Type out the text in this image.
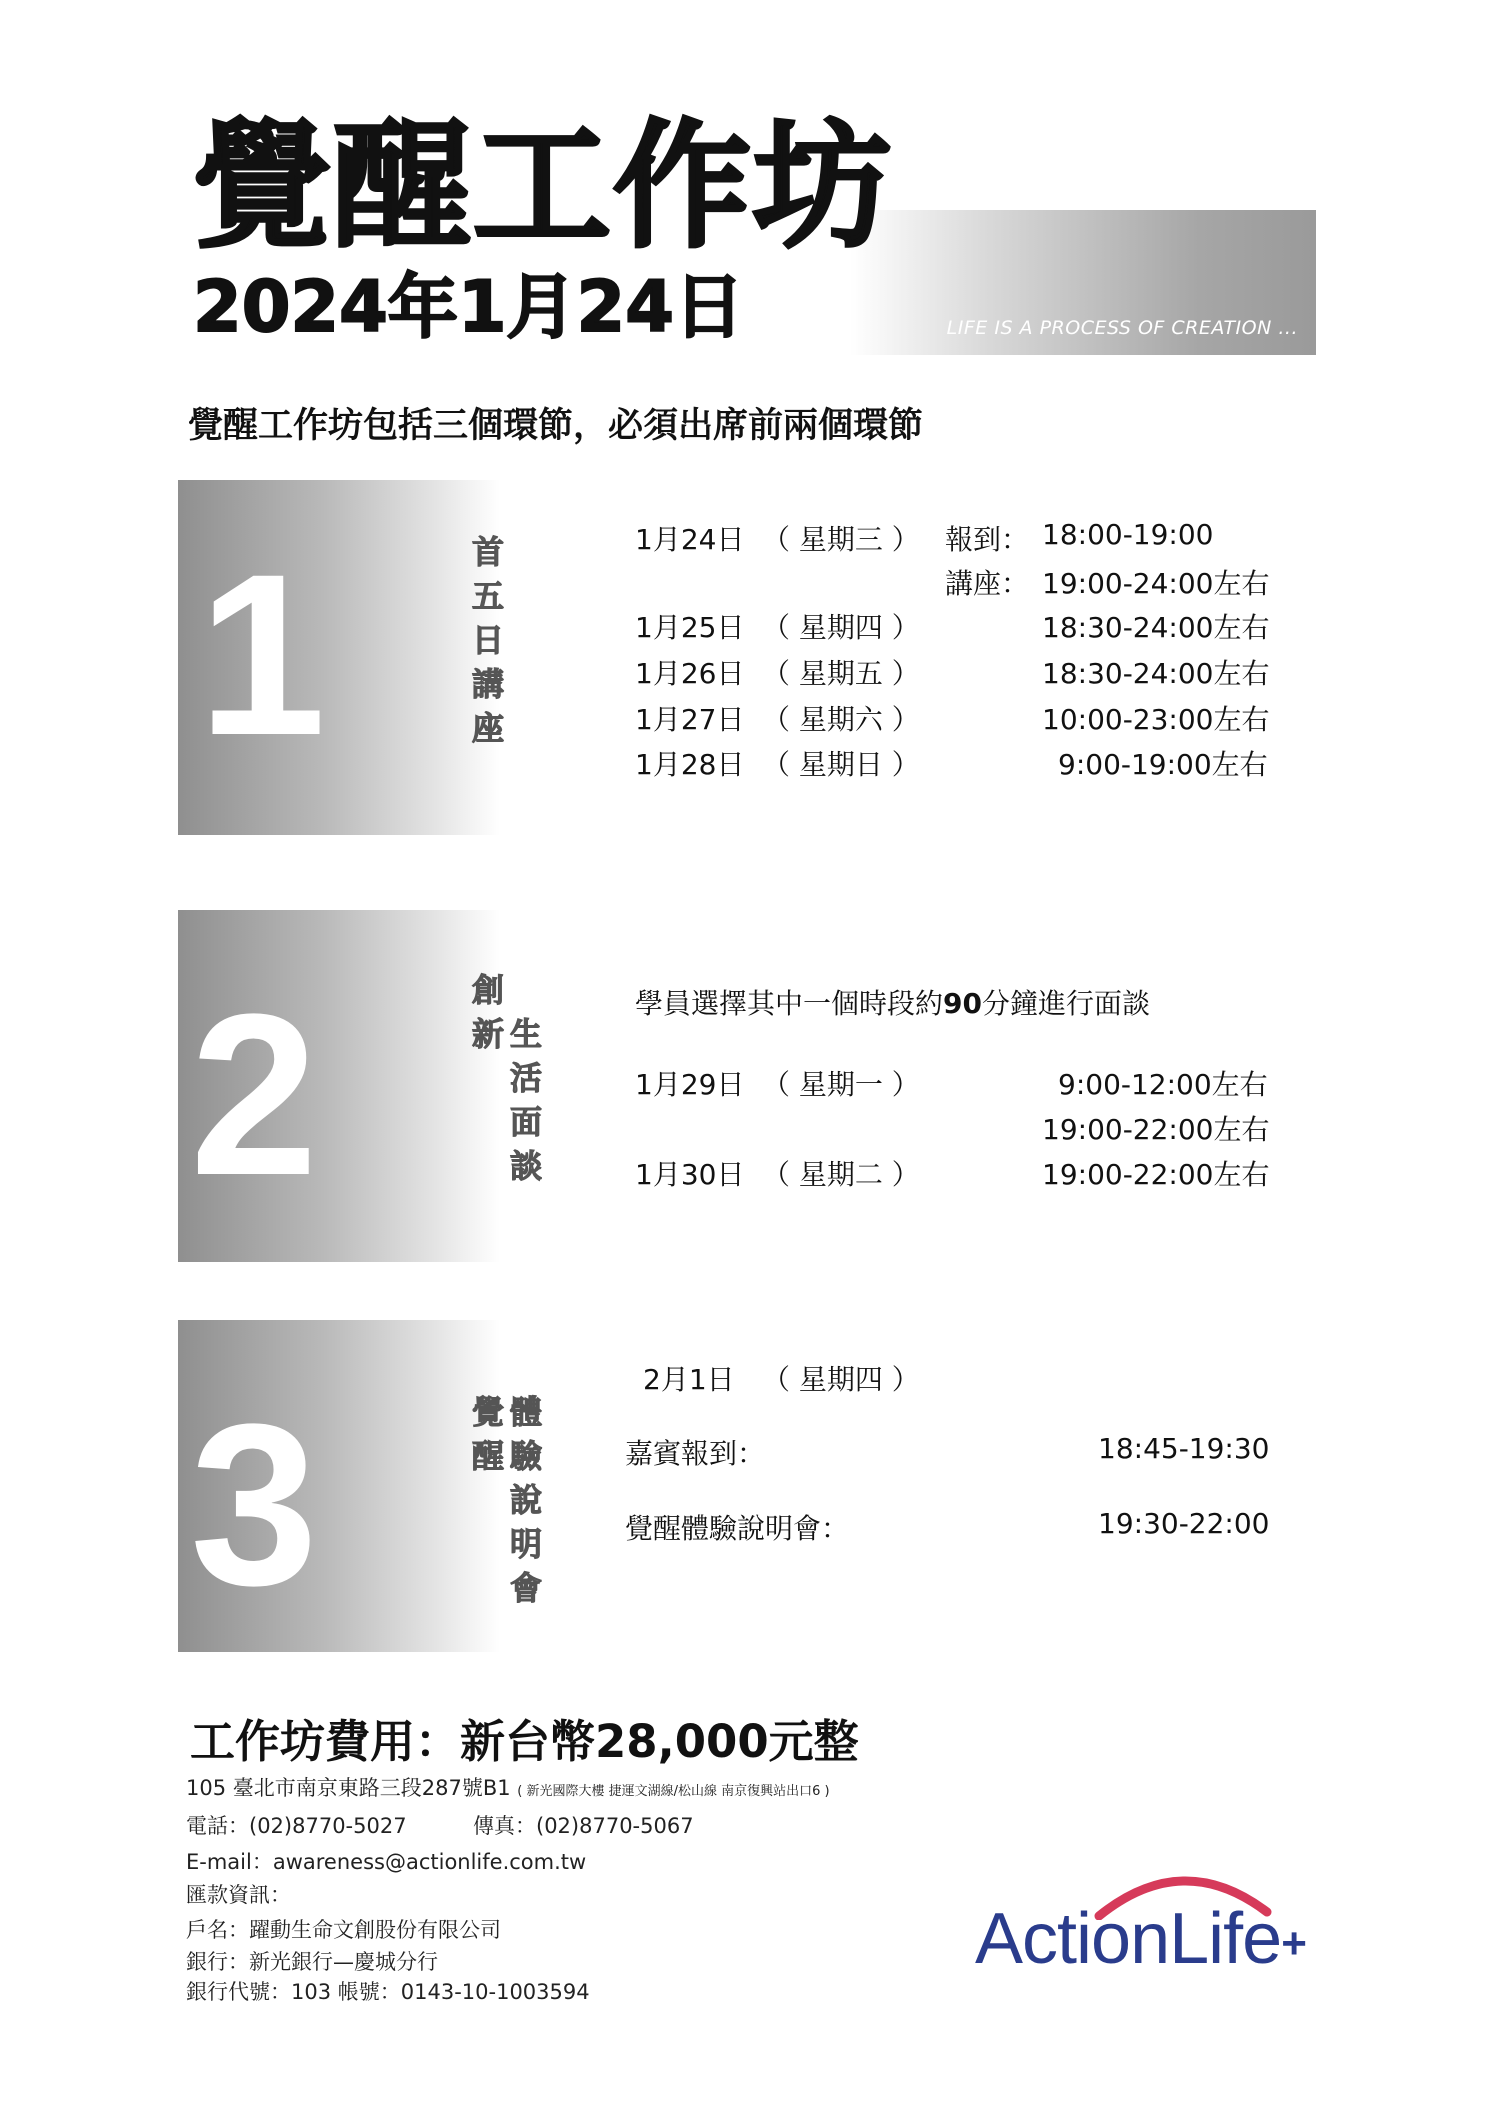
LIFE IS A PROCESS OF CREATION ...
覺醒工作坊
2024年1月24日
覺醒工作坊包括三個環節，必須出席前兩個環節
1	首
五
日
講
座
1月24日 （ 星期三 ） 報到： 18:00-19:00
講座： 19:00-24:00左右
1月25日 （ 星期四 ）	18:30-24:00左右
1月26日 （ 星期五 ）	18:30-24:00左右
1月27日 （ 星期六 ）	10:00-23:00左右
1月28日 （ 星期日 ）	9:00-19:00左右
2	創
新 生
活
面
談
學員選擇其中一個時段約90分鐘進行面談
1月29日 （ 星期一 ）	9:00-12:00左右
19:00-22:00左右
1月30日 （ 星期二 ）	19:00-22:00左右
3	覺
醒
體
驗
說
明
會
2月1日 （ 星期四 ）
嘉賓報到：	18:45-19:30
覺醒體驗說明會：	19:30-22:00
工作坊費用：新台幣28,000元整
105 臺北市南京東路三段287號B1 ( 新光國際大樓 捷運文湖線/松山線 南京復興站出口6 )
電話：(02)8770-5027	傳真：(02)8770-5067
E-mail：awareness@actionlife.com.tw
匯款資訊：
戶名：躍動生命文創股份有限公司
銀行：新光銀行—慶城分行
銀行代號：103 帳號：0143-10-1003594
ActionLife+
